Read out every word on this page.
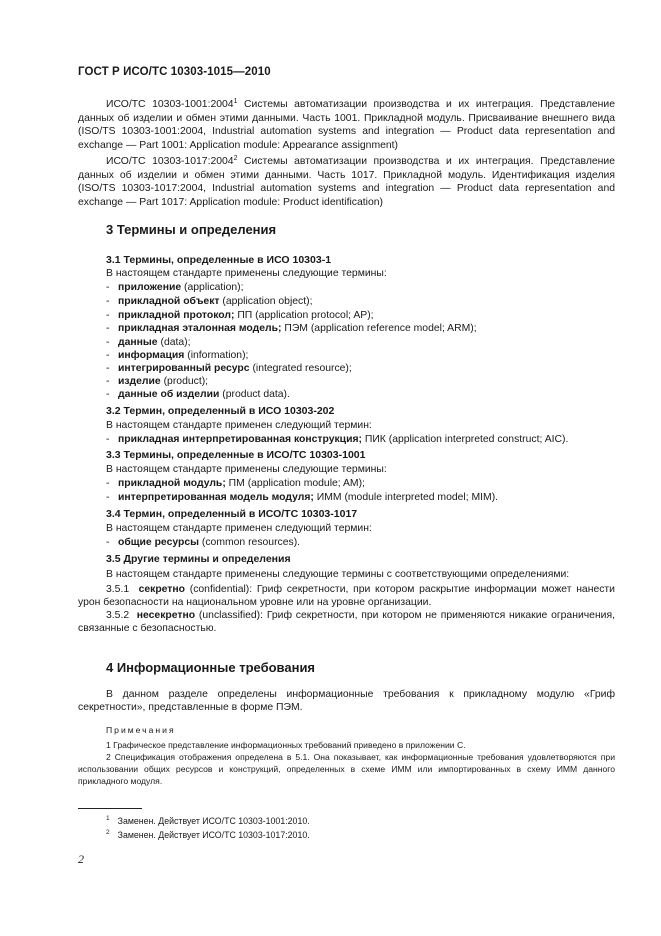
ГОСТ Р ИСО/ТС 10303-1015—2010

ИСО/ТС 10303-1001:2004$^1$ Системы автоматизации производства и их интеграция. Представление данных об изделии и обмен этими данными. Часть 1001. Прикладной модуль. Присваивание внешнего вида (ISO/TS 10303-1001:2004, Industrial automation systems and integration — Product data representation and exchange — Part 1001: Application module: Appearance assignment)

ИСО/ТС 10303-1017:2004$^2$ Системы автоматизации производства и их интеграция. Представление данных об изделии и обмен этими данными. Часть 1017. Прикладной модуль. Идентификация изделия (ISO/TS 10303-1017:2004, Industrial automation systems and integration — Product data representation and exchange — Part 1017: Application module: Product identification)

3 Термины и определения
3.1 Термины, определенные в ИСО 10303-1
В настоящем стандарте применены следующие термины:
- приложение (application);
- прикладной объект (application object);
- прикладной протокол; ПП (application protocol; AP);
- прикладная эталонная модель; ПЭМ (application reference model; ARM);
- данные (data);
- информация (information);
- интегрированный ресурс (integrated resource);
- изделие (product);
- данные об изделии (product data).
3.2 Термин, определенный в ИСО 10303-202
В настоящем стандарте применен следующий термин:
- прикладная интерпретированная конструкция; ПИК (application interpreted construct; AIC).
3.3 Термины, определенные в ИСО/ТС 10303-1001
В настоящем стандарте применены следующие термины:
- прикладной модуль; ПМ (application module; AM);
- интерпретированная модель модуля; ИММ (module interpreted model; MIM).
3.4 Термин, определенный в ИСО/ТС 10303-1017
В настоящем стандарте применен следующий термин:
- общие ресурсы (common resources).
3.5 Другие термины и определения
В настоящем стандарте применены следующие термины с соответствующими определениями:

3.5.1 секретно (confidential): Гриф секретности, при котором раскрытие информации может нанести урон безопасности на национальном уровне или на уровне организации.

3.5.2 несекретно (unclassified): Гриф секретности, при котором не применяются никакие ограничения, связанные с безопасностью.

4 Информационные требования

В данном разделе определены информационные требования к прикладному модулю «Гриф секретности», представленные в форме ПЭМ.

Примечания

1 Графическое представление информационных требований приведено в приложении С.

2 Спецификация отображения определена в 5.1. Она показывает, как информационные требования удовлетворяются при использовании общих ресурсов и конструкций, определенных в схеме ИММ или импортированных в схему ИММ данного прикладного модуля.

$^1$ Заменен. Действует ИСО/ТС 10303-1001:2010.
$^2$ Заменен. Действует ИСО/ТС 10303-1017:2010.
2
